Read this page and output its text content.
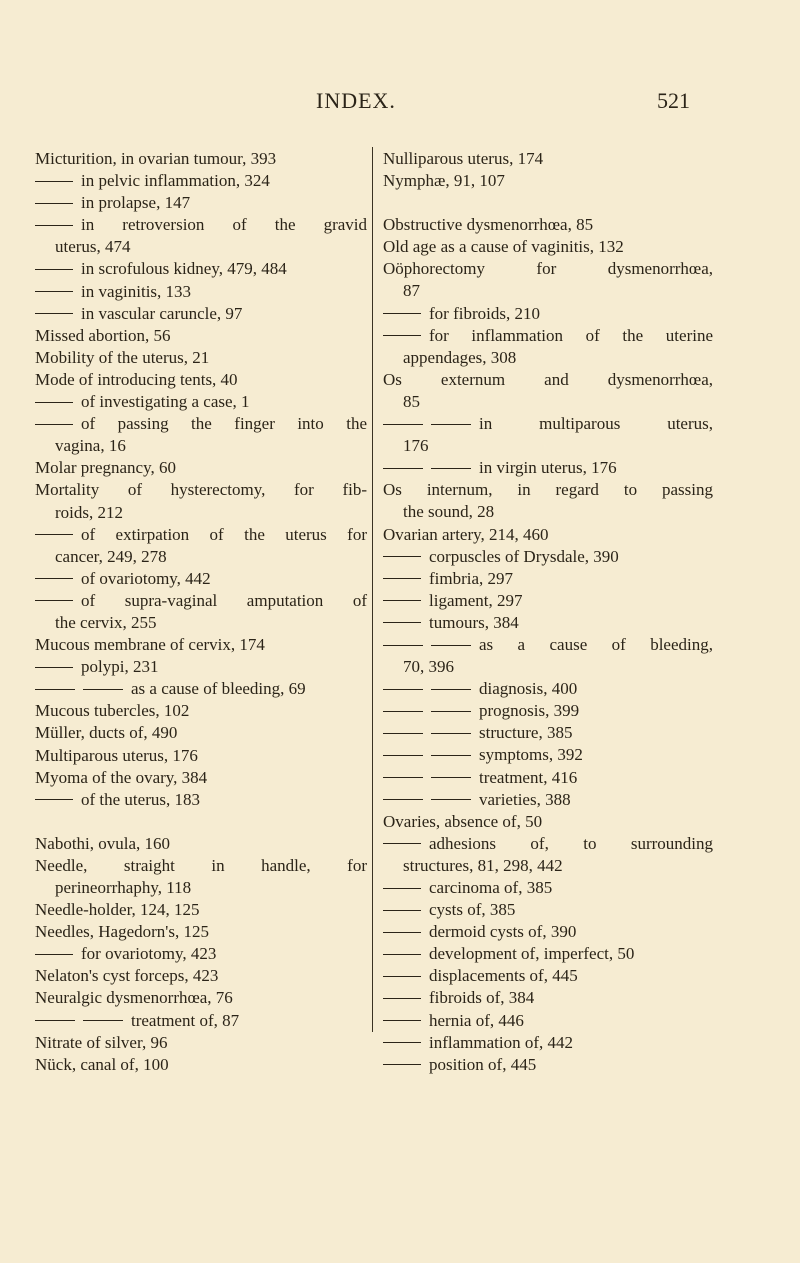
INDEX.	521
Micturition, in ovarian tumour, 393
in pelvic inflammation, 324
in prolapse, 147
in retroversion of the gravid
uterus, 474
in scrofulous kidney, 479, 484
in vaginitis, 133
in vascular caruncle, 97
Missed abortion, 56
Mobility of the uterus, 21
Mode of introducing tents, 40
of investigating a case, 1
of passing the finger into the
vagina, 16
Molar pregnancy, 60
Mortality of hysterectomy, for fib-
roids, 212
of extirpation of the uterus for
cancer, 249, 278
of ovariotomy, 442
of supra-vaginal amputation of
the cervix, 255
Mucous membrane of cervix, 174
polypi, 231
as a cause of bleeding, 69
Mucous tubercles, 102
Müller, ducts of, 490
Multiparous uterus, 176
Myoma of the ovary, 384
of the uterus, 183
Nabothi, ovula, 160
Needle, straight in handle, for
perineorrhaphy, 118
Needle-holder, 124, 125
Needles, Hagedorn's, 125
for ovariotomy, 423
Nelaton's cyst forceps, 423
Neuralgic dysmenorrhœa, 76
treatment of, 87
Nitrate of silver, 96
Nück, canal of, 100
Nulliparous uterus, 174
Nymphæ, 91, 107
Obstructive dysmenorrhœa, 85
Old age as a cause of vaginitis, 132
Oöphorectomy for dysmenorrhœa,
87
for fibroids, 210
for inflammation of the uterine
appendages, 308
Os externum and dysmenorrhœa,
85
in multiparous uterus,
176
in virgin uterus, 176
Os internum, in regard to passing
the sound, 28
Ovarian artery, 214, 460
corpuscles of Drysdale, 390
fimbria, 297
ligament, 297
tumours, 384
as a cause of bleeding,
70, 396
diagnosis, 400
prognosis, 399
structure, 385
symptoms, 392
treatment, 416
varieties, 388
Ovaries, absence of, 50
adhesions of, to surrounding
structures, 81, 298, 442
carcinoma of, 385
cysts of, 385
dermoid cysts of, 390
development of, imperfect, 50
displacements of, 445
fibroids of, 384
hernia of, 446
inflammation of, 442
position of, 445
